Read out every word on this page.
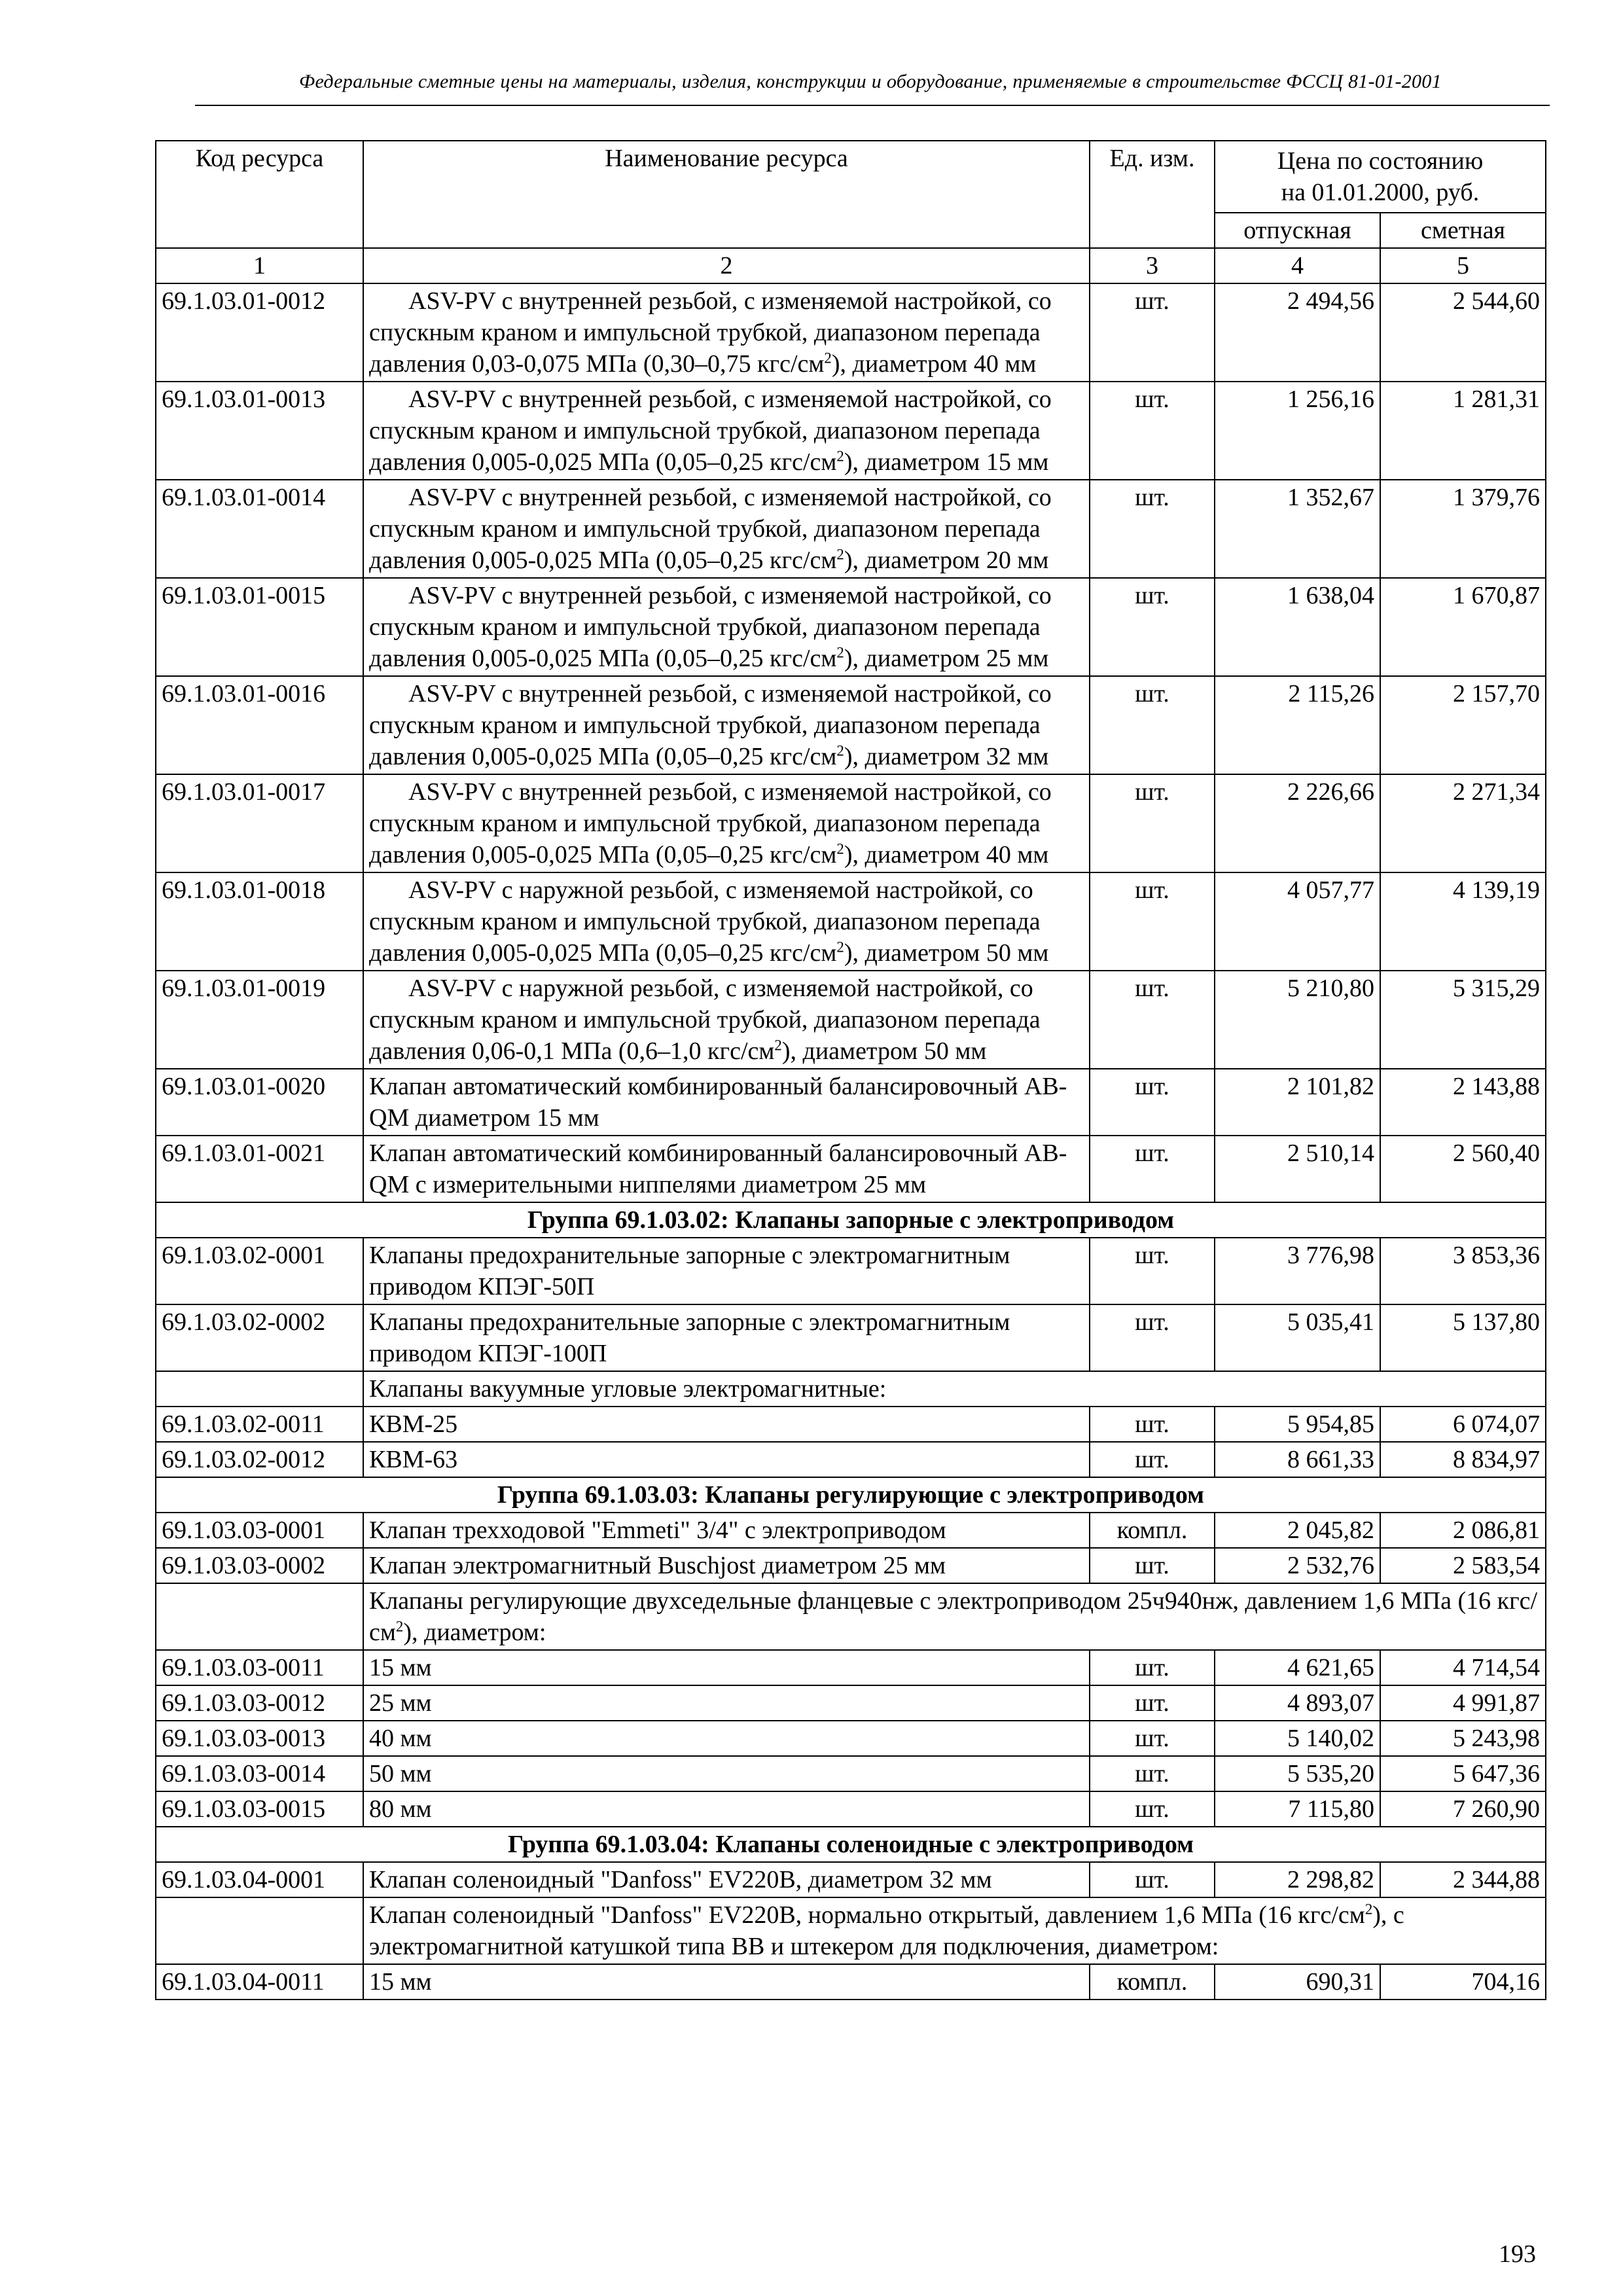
Федеральные сметные цены на материалы, изделия, конструкции и оборудование, применяемые в строительстве ФССЦ 81-01-2001
Код ресурса	Наименование ресурса	Ед. изм.	Цена по состоянию на 01.01.2000, руб.	
			отпускная	сметная
1	2	3	4	5
69.1.03.01-0012	ASV-PV с внутренней резьбой, с изменяемой настройкой, со спускным краном и импульсной трубкой, диапазоном перепада давления 0,03-0,075 МПа (0,30–0,75 кгс/$см^2$), диаметром 40 мм	шт.	2 494,56	2 544,60
69.1.03.01-0013	ASV-PV с внутренней резьбой, с изменяемой настройкой, со спускным краном и импульсной трубкой, диапазоном перепада давления 0,005-0,025 МПа (0,05–0,25 кгс/$см^2$), диаметром 15 мм	шт.	1 256,16	1 281,31
69.1.03.01-0014	ASV-PV с внутренней резьбой, с изменяемой настройкой, со спускным краном и импульсной трубкой, диапазоном перепада давления 0,005-0,025 МПа (0,05–0,25 кгс/$см^2$), диаметром 20 мм	шт.	1 352,67	1 379,76
69.1.03.01-0015	ASV-PV с внутренней резьбой, с изменяемой настройкой, со спускным краном и импульсной трубкой, диапазоном перепада давления 0,005-0,025 МПа (0,05–0,25 кгс/$см^2$), диаметром 25 мм	шт.	1 638,04	1 670,87
69.1.03.01-0016	ASV-PV с внутренней резьбой, с изменяемой настройкой, со спускным краном и импульсной трубкой, диапазоном перепада давления 0,005-0,025 МПа (0,05–0,25 кгс/$см^2$), диаметром 32 мм	шт.	2 115,26	2 157,70
69.1.03.01-0017	ASV-PV с внутренней резьбой, с изменяемой настройкой, со спускным краном и импульсной трубкой, диапазоном перепада давления 0,005-0,025 МПа (0,05–0,25 кгс/$см^2$), диаметром 40 мм	шт.	2 226,66	2 271,34
69.1.03.01-0018	ASV-PV с наружной резьбой, с изменяемой настройкой, со спускным краном и импульсной трубкой, диапазоном перепада давления 0,005-0,025 МПа (0,05–0,25 кгс/$см^2$), диаметром 50 мм	шт.	4 057,77	4 139,19
69.1.03.01-0019	ASV-PV с наружной резьбой, с изменяемой настройкой, со спускным краном и импульсной трубкой, диапазоном перепада давления 0,06-0,1 МПа (0,6–1,0 кгс/$см^2$), диаметром 50 мм	шт.	5 210,80	5 315,29
69.1.03.01-0020	Клапан автоматический комбинированный балансировочный AB- QM диаметром 15 мм	шт.	2 101,82	2 143,88
69.1.03.01-0021	Клапан автоматический комбинированный балансировочный AB- QM с измерительными ниппелями диаметром 25 мм	шт.	2 510,14	2 560,40
Группа 69.1.03.02: Клапаны запорные с электроприводом				
69.1.03.02-0001	Клапаны предохранительные запорные с электромагнитным приводом КПЭГ-50П	шт.	3 776,98	3 853,36
69.1.03.02-0002	Клапаны предохранительные запорные с электромагнитным приводом КПЭГ-100П	шт.	5 035,41	5 137,80
	Клапаны вакуумные угловые электромагнитные:			
69.1.03.02-0011	КВМ-25	шт.	5 954,85	6 074,07
69.1.03.02-0012	КВМ-63	шт.	8 661,33	8 834,97
Группа 69.1.03.03: Клапаны регулирующие с электроприводом				
69.1.03.03-0001	Клапан трехходовой "Emmeti" 3/4" с электроприводом	компл.	2 045,82	2 086,81
69.1.03.03-0002	Клапан электромагнитный Buschjost диаметром 25 мм	шт.	2 532,76	2 583,54
	Клапаны регулирующие двухседельные фланцевые с электроприводом 25ч940нж, давлением 1,6 МПа (16 кгс/$см^2$), диаметром:			
69.1.03.03-0011	15 мм	шт.	4 621,65	4 714,54
69.1.03.03-0012	25 мм	шт.	4 893,07	4 991,87
69.1.03.03-0013	40 мм	шт.	5 140,02	5 243,98
69.1.03.03-0014	50 мм	шт.	5 535,20	5 647,36
69.1.03.03-0015	80 мм	шт.	7 115,80	7 260,90
Группа 69.1.03.04: Клапаны соленоидные с электроприводом				
69.1.03.04-0001	Клапан соленоидный "Danfoss" EV220B, диаметром 32 мм	шт.	2 298,82	2 344,88
	Клапан соленоидный "Danfoss" EV220B, нормально открытый, давлением 1,6 МПа (16 кгс/$см^2$), с электромагнитной катушкой типа BB и штекером для подключения, диаметром:			
69.1.03.04-0011	15 мм	компл.	690,31	704,16
193
